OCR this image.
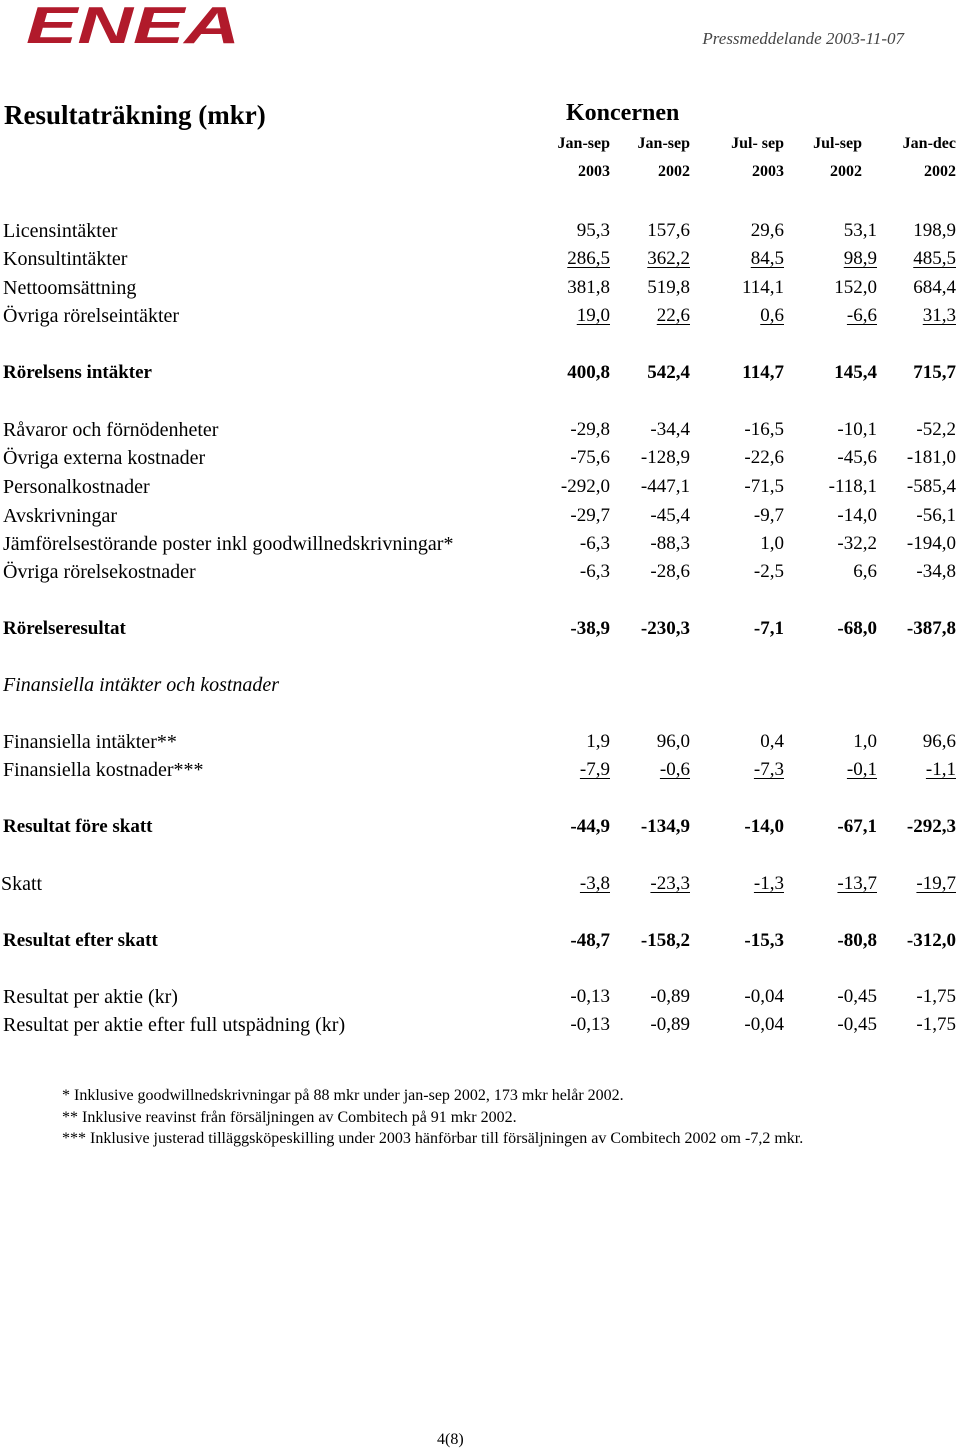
ENEA	Pressmeddelande 2003-11-07
Resultaträkning (mkr)	Koncernen
Jan-sep	Jan-sep	Jul- sep	Jul-sep	Jan-dec
2003	2002	2003	2002	2002
Licensintäkter	95,3	157,6	29,6	53,1	198,9
Konsultintäkter	286,5	362,2	84,5	98,9	485,5
Nettoomsättning	381,8	519,8	114,1	152,0	684,4
Övriga rörelseintäkter	19,0	22,6	0,6	-6,6	31,3
Rörelsens intäkter	400,8	542,4	114,7	145,4	715,7
Råvaror och förnödenheter	-29,8	-34,4	-16,5	-10,1	-52,2
Övriga externa kostnader	-75,6	-128,9	-22,6	-45,6	-181,0
Personalkostnader	-292,0	-447,1	-71,5	-118,1	-585,4
Avskrivningar	-29,7	-45,4	-9,7	-14,0	-56,1
Jämförelsestörande poster inkl goodwillnedskrivningar*	-6,3	-88,3	1,0	-32,2	-194,0
Övriga rörelsekostnader	-6,3	-28,6	-2,5	6,6	-34,8
Rörelseresultat	-38,9	-230,3	-7,1	-68,0	-387,8
Finansiella intäkter och kostnader
Finansiella intäkter**	1,9	96,0	0,4	1,0	96,6
Finansiella kostnader***	-7,9	-0,6	-7,3	-0,1	-1,1
Resultat före skatt	-44,9	-134,9	-14,0	-67,1	-292,3
Skatt	-3,8	-23,3	-1,3	-13,7	-19,7
Resultat efter skatt	-48,7	-158,2	-15,3	-80,8	-312,0
Resultat per aktie (kr)	-0,13	-0,89	-0,04	-0,45	-1,75
Resultat per aktie efter full utspädning (kr)	-0,13	-0,89	-0,04	-0,45	-1,75
* Inklusive goodwillnedskrivningar på 88 mkr under jan-sep 2002, 173 mkr helår 2002.
** Inklusive reavinst från försäljningen av Combitech på 91 mkr 2002.
*** Inklusive justerad tilläggsköpeskilling under 2003 hänförbar till försäljningen av Combitech 2002 om -7,2 mkr.
4(8)
